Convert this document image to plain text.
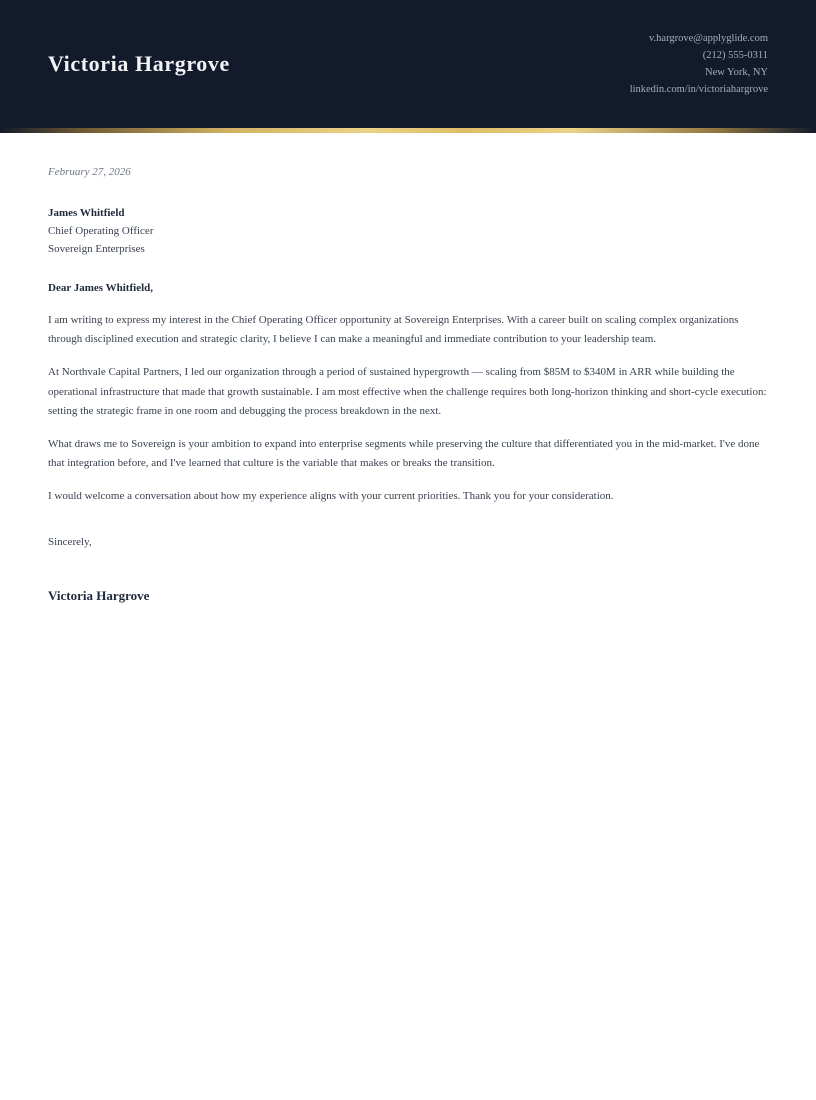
Victoria Hargrove
v.hargrove@applyglide.com
(212) 555-0311
New York, NY
linkedin.com/in/victoriahargrove

February 27, 2026

James Whitfield
Chief Operating Officer
Sovereign Enterprises

Dear James Whitfield,

I am writing to express my interest in the Chief Operating Officer opportunity at Sovereign Enterprises. With a career built on scaling complex organizations through disciplined execution and strategic clarity, I believe I can make a meaningful and immediate contribution to your leadership team.

At Northvale Capital Partners, I led our organization through a period of sustained hypergrowth — scaling from $85M to $340M in ARR while building the operational infrastructure that made that growth sustainable. I am most effective when the challenge requires both long-horizon thinking and short-cycle execution: setting the strategic frame in one room and debugging the process breakdown in the next.

What draws me to Sovereign is your ambition to expand into enterprise segments while preserving the culture that differentiated you in the mid-market. I've done that integration before, and I've learned that culture is the variable that makes or breaks the transition.

I would welcome a conversation about how my experience aligns with your current priorities. Thank you for your consideration.

Sincerely,

Victoria Hargrove
